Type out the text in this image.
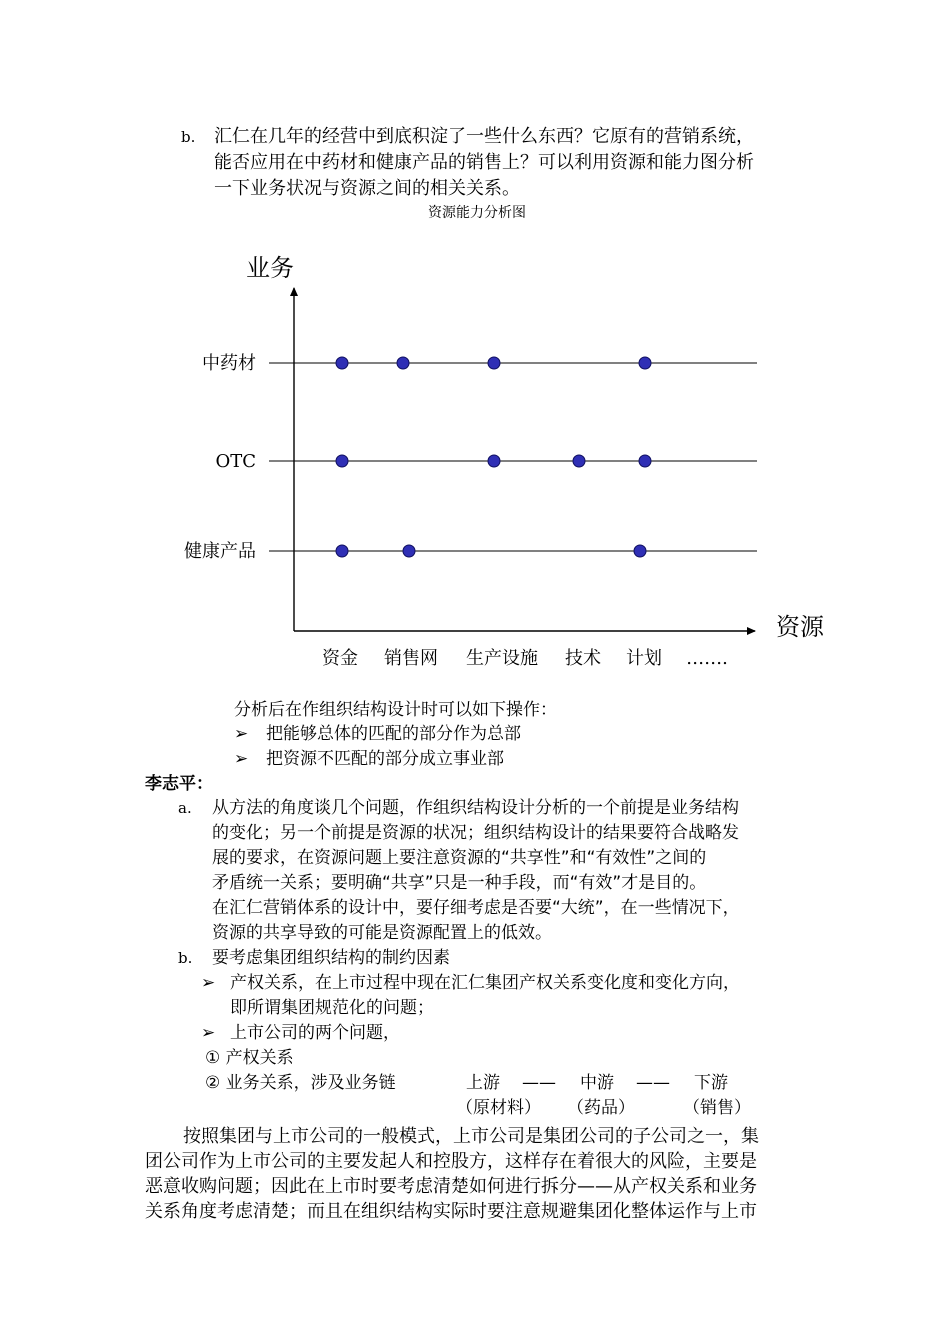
b. 汇仁在几年的经营中到底积淀了一些什么东西？它原有的营销系统，
能否应用在中药材和健康产品的销售上？可以利用资源和能力图分析
一下业务状况与资源之间的相关关系。
资源能力分析图
业务
资源
中药材
OTC
健康产品
资金 销售网 生产设施 技术 计划 …….
分析后在作组织结构设计时可以如下操作：
➢ 把能够总体的匹配的部分作为总部
➢ 把资源不匹配的部分成立事业部
李志平：
a. 从方法的角度谈几个问题，作组织结构设计分析的一个前提是业务结构
的变化；另一个前提是资源的状况；组织结构设计的结果要符合战略发
展的要求，在资源问题上要注意资源的“共享性”和“有效性”之间的
矛盾统一关系；要明确“共享”只是一种手段，而“有效”才是目的。
在汇仁营销体系的设计中，要仔细考虑是否要“大统”，在一些情况下，
资源的共享导致的可能是资源配置上的低效。
b. 要考虑集团组织结构的制约因素
➢ 产权关系，在上市过程中现在汇仁集团产权关系变化度和变化方向，
即所谓集团规范化的问题；
➢ 上市公司的两个问题，
① 产权关系
② 业务关系，涉及业务链	上游 —— 中游 —— 下游
（原材料） （药品）	（销售）
按照集团与上市公司的一般模式，上市公司是集团公司的子公司之一，集
团公司作为上市公司的主要发起人和控股方，这样存在着很大的风险，主要是
恶意收购问题；因此在上市时要考虑清楚如何进行拆分——从产权关系和业务
关系角度考虑清楚；而且在组织结构实际时要注意规避集团化整体运作与上市
